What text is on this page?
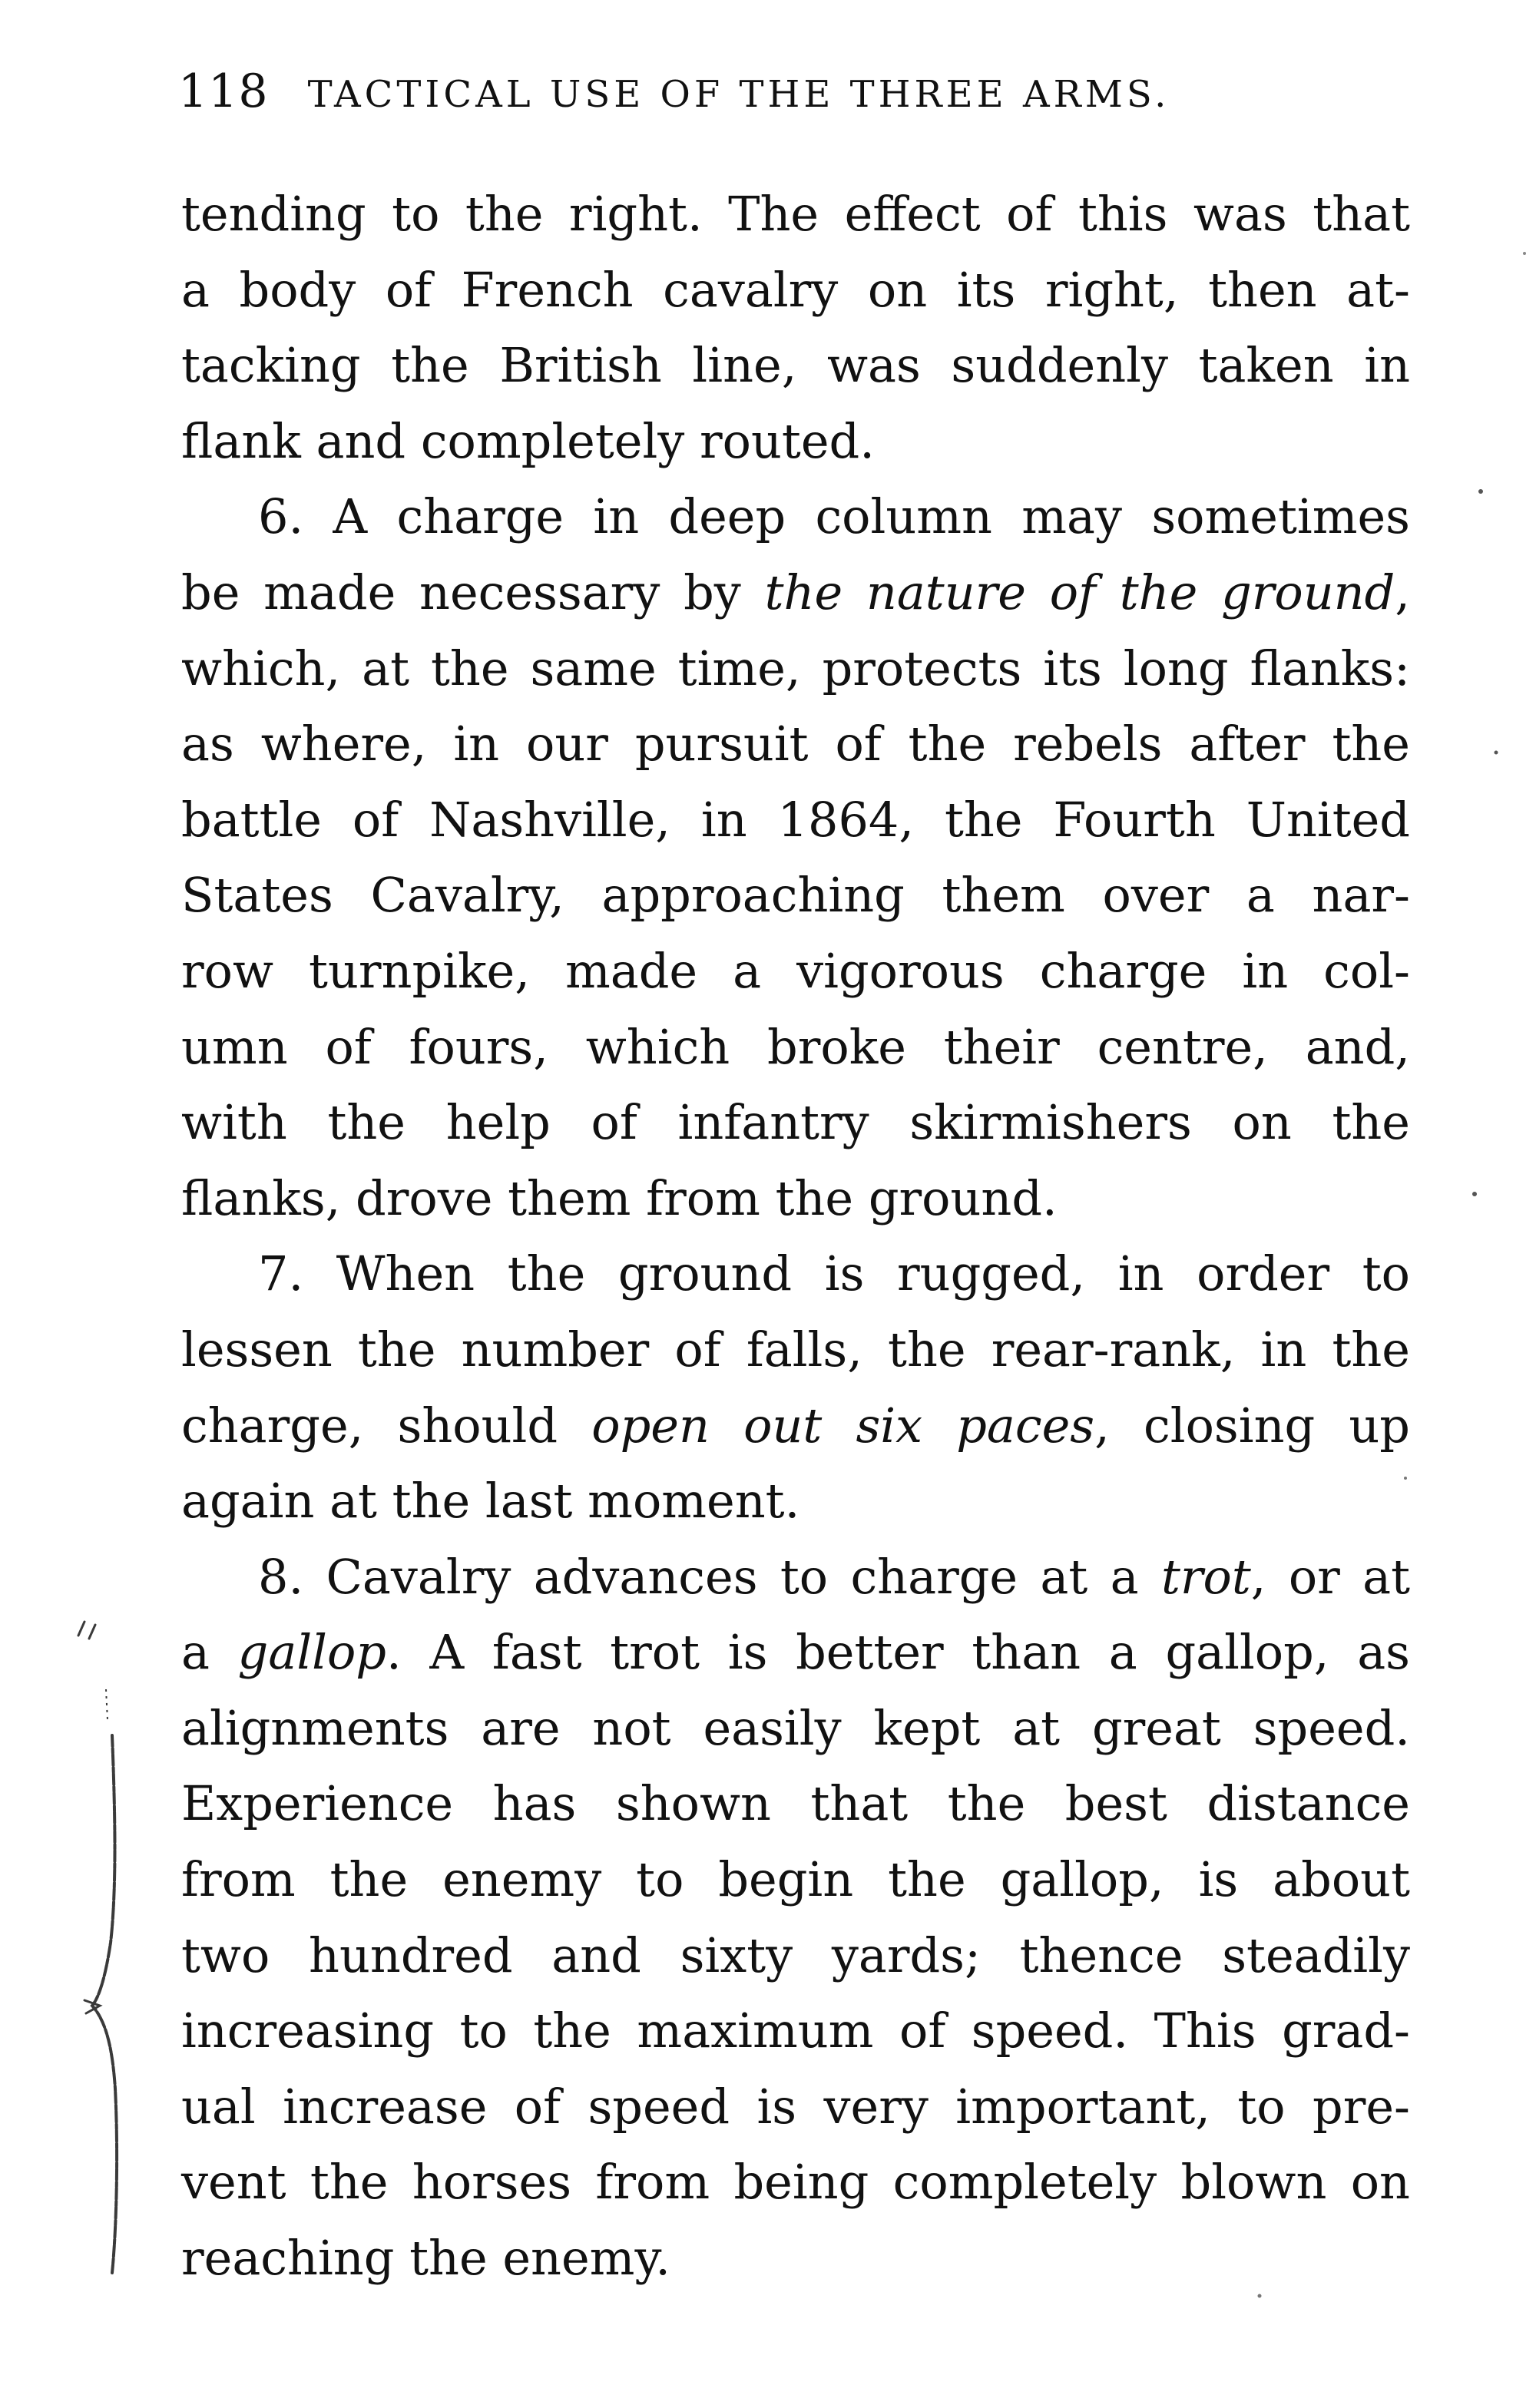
118 TACTICAL USE OF THE THREE ARMS.
tending to the right. The effect of this was that
a body of French cavalry on its right, then at-
tacking the British line, was suddenly taken in
flank and completely routed.
6. A charge in deep column may sometimes
be made necessary by the nature of the ground,
which, at the same time, protects its long flanks:
as where, in our pursuit of the rebels after the
battle of Nashville, in 1864, the Fourth United
States Cavalry, approaching them over a nar-
row turnpike, made a vigorous charge in col-
umn of fours, which broke their centre, and,
with the help of infantry skirmishers on the
flanks, drove them from the ground.
7. When the ground is rugged, in order to
lessen the number of falls, the rear-rank, in the
charge, should open out six paces, closing up
again at the last moment.
8. Cavalry advances to charge at a trot, or at
a gallop. A fast trot is better than a gallop, as
alignments are not easily kept at great speed.
Experience has shown that the best distance
from the enemy to begin the gallop, is about
two hundred and sixty yards; thence steadily
increasing to the maximum of speed. This grad-
ual increase of speed is very important, to pre-
vent the horses from being completely blown on
reaching the enemy.
